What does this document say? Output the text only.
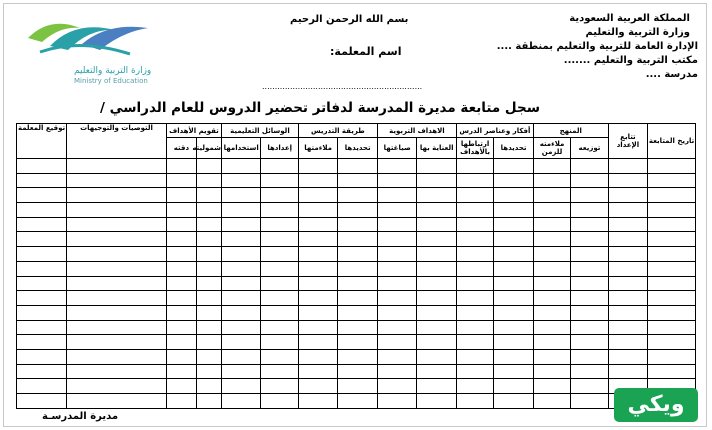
وزارة التربية والتعليم
Ministry of Education
بسم الله الرحمن الرحيم
اسم المعلمة:
...............................................................
المملكة العربية السعودية
وزارة التربية والتعليم
الإدارة العامة للتربية والتعليم بمنطقة ....
مكتب التربية والتعليم .......
مدرسة ....
سجل متابعة مديرة المدرسة لدفاتر تحضير الدروس للعام الدراسي /
تاريخ المتابعة	تتابع الإعداد	المنهج		أفكار وعناصر الدرس		الاهداف التربوية		طريقة التدريس		الوسائل التعليمية		تقويم الأهداف		التوصيات والتوجيهات	توقيع المعلمة
		توزيعه	ملاءمته للزمن	تحديدها	ارتباطها بالأهداف	العناية بها	صياغتها	تحديدها	ملاءمتها	إعدادها	استخدامها	شموليته	دقته		

مديرة المدرسـة	ويكي
